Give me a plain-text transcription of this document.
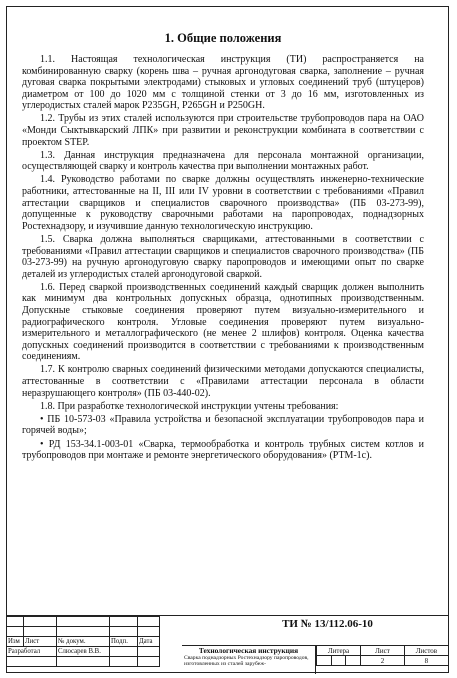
1. Общие положения

1.1. Настоящая технологическая инструкция (ТИ) распространяется на комбинированную сварку (корень шва – ручная аргонодуговая сварка, заполнение – ручная дуговая сварка покрытыми электродами) стыковых и угловых соединений труб (штуцеров) диаметром от 100 до 1020 мм с толщиной стенки от 3 до 16 мм, изготовленных из углеродистых сталей марок P235GH, P265GH и P250GH.

1.2. Трубы из этих сталей используются при строительстве трубопроводов пара на ОАО «Монди Сыктывкарский ЛПК» при развитии и реконструкции комбината в соответствии с проектом STEP.

1.3. Данная инструкция предназначена для персонала монтажной организации, осуществляющей сварку и контроль качества при выполнении монтажных работ.

1.4. Руководство работами по сварке должны осуществлять инженерно-технические работники, аттестованные на II, III или IV уровни в соответствии с требованиями «Правил аттестации сварщиков и специалистов сварочного производства» (ПБ 03-273-99), допущенные к руководству сварочными работами на паропроводах, поднадзорных Ростехнадзору, и изучившие данную технологическую инструкцию.

1.5. Сварка должна выполняться сварщиками, аттестованными в соответствии с требованиями «Правил аттестации сварщиков и специалистов сварочного производства» (ПБ 03-273-99) на ручную аргонодуговую сварку паропроводов и имеющими опыт по сварке деталей из углеродистых сталей аргонодуговой сваркой.

1.6. Перед сваркой производственных соединений каждый сварщик должен выполнить как минимум два контрольных допускных образца, однотипных производственным. Допускные стыковые соединения проверяют путем визуально-измерительного и радиографического контроля. Угловые соединения проверяют путем визуально-измерительного и металлографического (не менее 2 шлифов) контроля. Оценка качества допускных соединений производится в соответствии с требованиями к производственным соединениям.

1.7. К контролю сварных соединений физическими методами допускаются специалисты, аттестованные в соответствии с «Правилами аттестации персонала в области неразрушающего контроля» (ПБ 03-440-02).

1.8. При разработке технологической инструкции учтены требования:

• ПБ 10-573-03 «Правила устройства и безопасной эксплуатации трубопроводов пара и горячей воды»;

• РД 153-34.1-003-01 «Сварка, термообработка и контроль трубных систем котлов и трубопроводов при монтаже и ремонте энергетического оборудования» (РТМ-1с).

Изм	Лист	№ докум.	Подп.	Дата
Разработал		Слюсарев В.В.		

ТИ № 13/112.06-10
Технологическая инструкция
Сварка поднадзорных Ростехнадзору паропроводов, изготовленных из сталей зарубеж-
Литера			Лист	Листов
			2	8
